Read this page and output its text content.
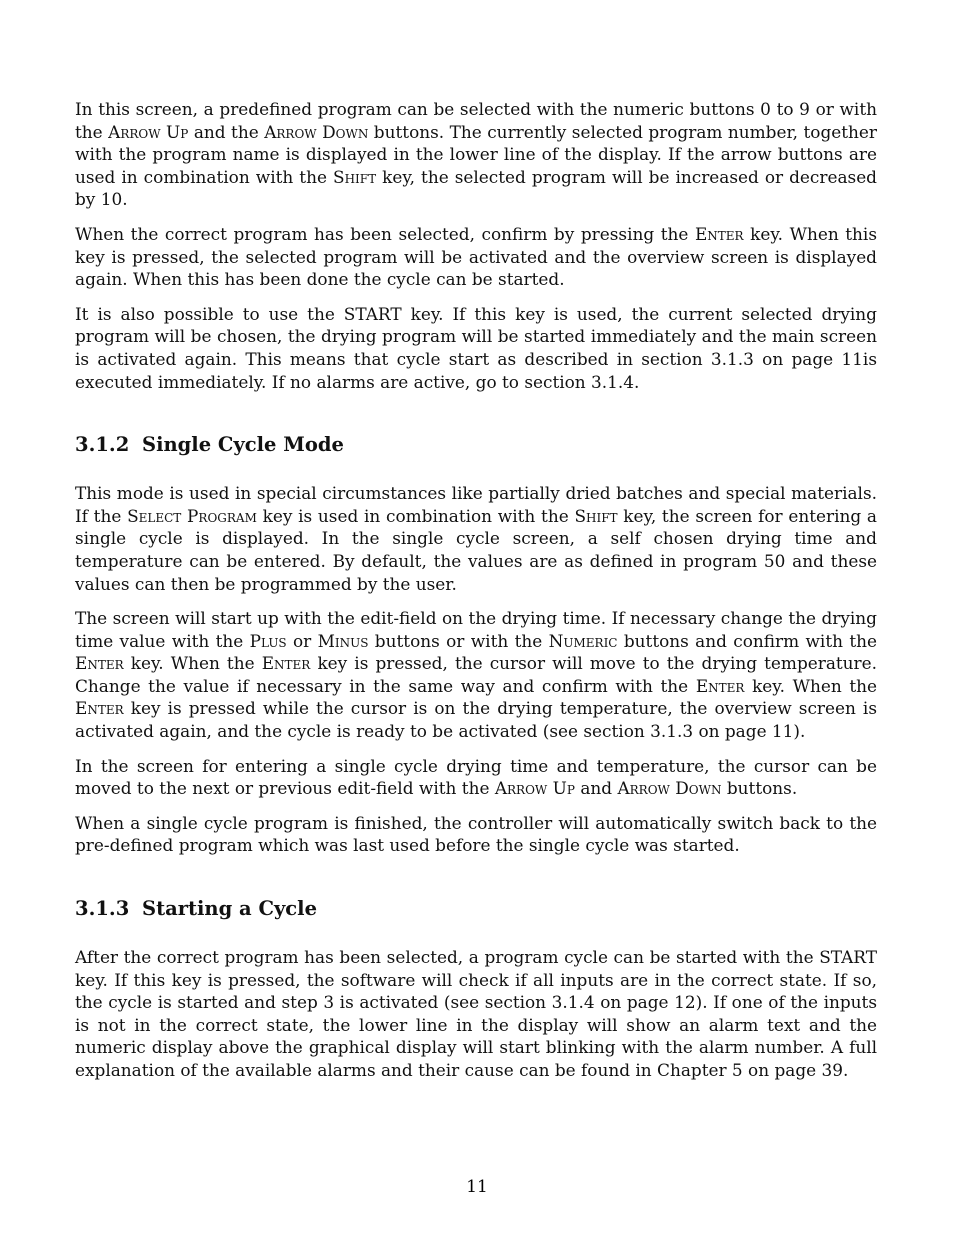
In this screen, a predefined program can be selected with the numeric buttons 0 to 9 or with the Arrow Up and the Arrow Down buttons. The currently selected program number, together with the program name is displayed in the lower line of the display. If the arrow buttons are used in combination with the Shift key, the selected program will be increased or decreased by 10.

When the correct program has been selected, confirm by pressing the Enter key. When this key is pressed, the selected program will be activated and the overview screen is displayed again. When this has been done the cycle can be started.

It is also possible to use the START key. If this key is used, the current selected drying program will be chosen, the drying program will be started immediately and the main screen is activated again. This means that cycle start as described in section 3.1.3 on page 11is executed immediately. If no alarms are active, go to section 3.1.4.

3.1.2 Single Cycle Mode

This mode is used in special circumstances like partially dried batches and special materials. If the Select Program key is used in combination with the Shift key, the screen for entering a single cycle is displayed. In the single cycle screen, a self chosen drying time and temperature can be entered. By default, the values are as defined in program 50 and these values can then be programmed by the user.

The screen will start up with the edit-field on the drying time. If necessary change the drying time value with the Plus or Minus buttons or with the Numeric buttons and confirm with the Enter key. When the Enter key is pressed, the cursor will move to the drying temperature. Change the value if necessary in the same way and confirm with the Enter key. When the Enter key is pressed while the cursor is on the drying temperature, the overview screen is activated again, and the cycle is ready to be activated (see section 3.1.3 on page 11).

In the screen for entering a single cycle drying time and temperature, the cursor can be moved to the next or previous edit-field with the Arrow Up and Arrow Down buttons.

When a single cycle program is finished, the controller will automatically switch back to the pre-defined program which was last used before the single cycle was started.

3.1.3 Starting a Cycle

After the correct program has been selected, a program cycle can be started with the START key. If this key is pressed, the software will check if all inputs are in the correct state. If so, the cycle is started and step 3 is activated (see section 3.1.4 on page 12). If one of the inputs is not in the correct state, the lower line in the display will show an alarm text and the numeric display above the graphical display will start blinking with the alarm number. A full explanation of the available alarms and their cause can be found in Chapter 5 on page 39.

11
